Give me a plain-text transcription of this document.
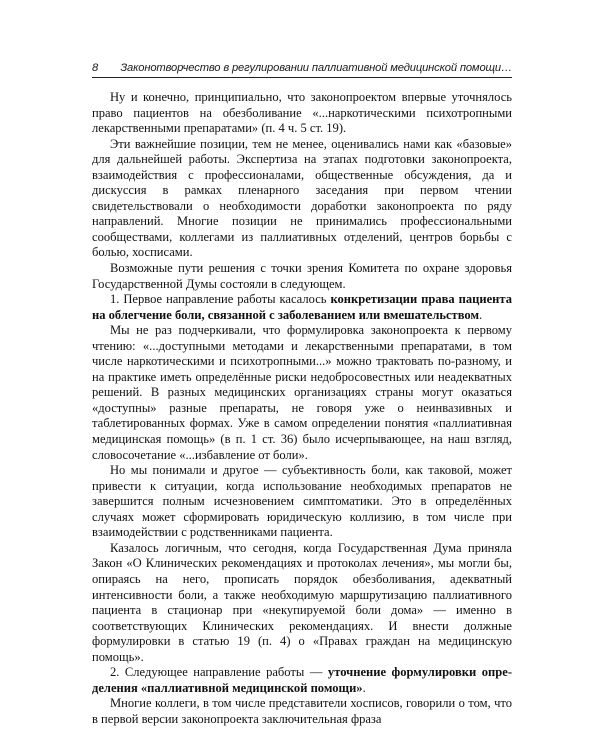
8 Законотворчество в регулировании паллиативной медицинской помощи…

Ну и конечно, принципиально, что законопроектом впервые уточнялось право пациентов на обезболивание «...наркотическими психотропными лекарственными препаратами» (п. 4 ч. 5 ст. 19).

Эти важнейшие позиции, тем не менее, оценивались нами как «базовые» для дальнейшей работы. Экспертиза на этапах подготовки законопроекта, взаимодействия с профессионалами, общественные обсуждения, да и дискуссия в рамках пленарного заседания при первом чтении свидетельствовали о необходимости доработки законопроекта по ряду направлений. Многие позиции не принимались профессиональными сообществами, коллегами из паллиативных отделений, центров борьбы с болью, хосписами.

Возможные пути решения с точки зрения Комитета по охране здоровья Государственной Думы состояли в следующем.

1. Первое направление работы касалось конкретизации права пациента на облегчение боли, связанной с заболеванием или вмешательством.

Мы не раз подчеркивали, что формулировка законопроекта к первому чтению: «...доступными методами и лекарственными препаратами, в том числе наркотическими и психотропными...» можно трактовать по-разному, и на практике иметь определённые риски недобросовестных или неадекватных решений. В разных медицинских организациях страны могут оказаться «доступны» разные препараты, не говоря уже о неинвазивных и таблетированных формах. Уже в самом определении понятия «паллиативная медицинская помощь» (в п. 1 ст. 36) было исчерпывающее, на наш взгляд, словосочетание «...избавление от боли».

Но мы понимали и другое — субъективность боли, как таковой, может привести к ситуации, когда использование необходимых препаратов не завершится полным исчезновением симптоматики. Это в определённых случаях может сформировать юридическую коллизию, в том числе при взаимодействии с родственниками пациента.

Казалось логичным, что сегодня, когда Государственная Дума приняла Закон «О Клинических рекомендациях и протоколах лечения», мы могли бы, опираясь на него, прописать порядок обезболивания, адекватный интенсивности боли, а также необходимую маршрутизацию паллиативного пациента в стационар при «некупируемой боли дома» — именно в соответствующих Клинических рекомендациях. И внести должные формулировки в статью 19 (п. 4) о «Правах граждан на медицинскую помощь».

2. Следующее направление работы — уточнение формулировки определения «паллиативной медицинской помощи».

Многие коллеги, в том числе представители хосписов, говорили о том, что в первой версии законопроекта заключительная фраза
